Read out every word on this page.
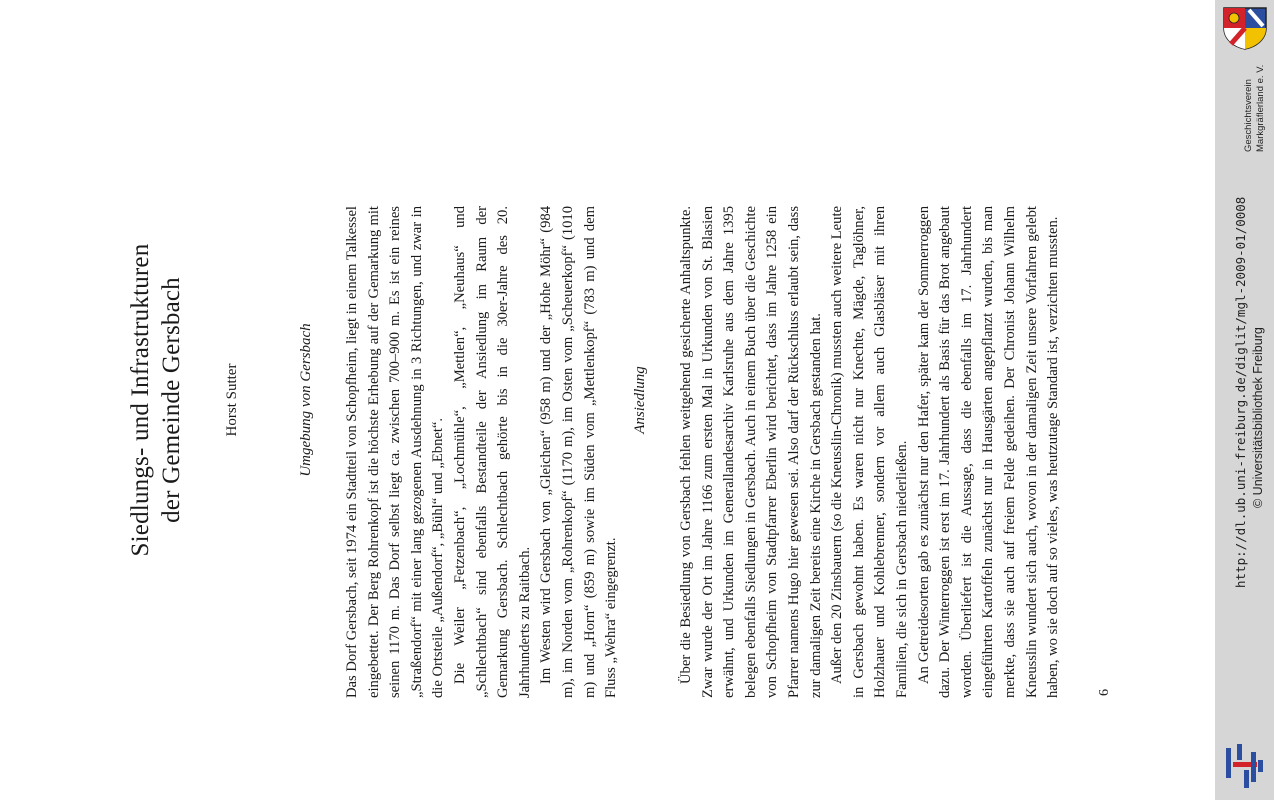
Siedlungs- und Infrastrukturen der Gemeinde Gersbach	Horst Sutter	Umgebung von Gersbach Das Dorf Gersbach, seit 1974 ein Stadtteil von Schopfheim, liegt in einem Talkessel eingebettet. Der Berg Rohrenkopf ist die höchste Erhebung auf der Gemarkung mit seinen 1170 m. Das Dorf selbst liegt ca. zwischen 700–900 m. Es ist ein reines „Straßendorf“ mit einer lang gezogenen Ausdehnung in 3 Richtungen, und zwar in die Ortsteile „Außendorf“, „Bühl“ und „Ebnet“. Die Weiler „Fetzenbach“, „Lochmühle“, „Mettlen“, „Neuhaus“ und „Schlechtbach“ sind ebenfalls Bestandteile der Ansiedlung im Raum der Gemarkung Gersbach. Schlechtbach gehörte bis in die 30er-Jahre des 20. Jahrhunderts zu Raitbach. Im Westen wird Gersbach von „Gleichen“ (958 m) und der „Hohe Möhr“ (984 m), im Norden vom „Rohrenkopf“ (1170 m), im Osten vom „Scheuerkopf“ (1010 m) und „Horn“ (859 m) sowie im Süden vom „Mettlenkopf“ (783 m) und dem Fluss „Wehra“ eingegrenzt.

Ansiedlung Über die Besiedlung von Gersbach fehlen weitgehend gesicherte Anhaltspunkte. Zwar wurde der Ort im Jahre 1166 zum ersten Mal in Urkunden von St. Blasien erwähnt, und Urkunden im Generallandesarchiv Karlsruhe aus dem Jahre 1395 belegen ebenfalls Siedlungen in Gersbach. Auch in einem Buch über die Geschichte von Schopfheim von Stadtpfarrer Eberlin wird berichtet, dass im Jahre 1258 ein Pfarrer namens Hugo hier gewesen sei. Also darf der Rückschluss erlaubt sein, dass zur damaligen Zeit bereits eine Kirche in Gersbach gestanden hat. Außer den 20 Zinsbauern (so die Kneusslin-Chronik) mussten auch weitere Leute in Gersbach gewohnt haben. Es waren nicht nur Knechte, Mägde, Taglöhner, Holzhauer und Kohlebrenner, sondern vor allem auch Glasbläser mit ihren Familien, die sich in Gersbach niederließen. An Getreidesorten gab es zunächst nur den Hafer, später kam der Sommerroggen dazu. Der Winterroggen ist erst im 17. Jahrhundert als Basis für das Brot angebaut worden. Überliefert ist die Aussage, dass die ebenfalls im 17. Jahrhundert eingeführten Kartoffeln zunächst nur in Hausgärten angepflanzt wurden, bis man merkte, dass sie auch auf freiem Felde gedeihen. Der Chronist Johann Wilhelm Kneusslin wundert sich auch, wovon in der damaligen Zeit unsere Vorfahren gelebt haben, wo sie doch auf so vieles, was heutzutage Standard ist, verzichten mussten.	6
Geschichtsverein Markgräflerland e. V.
http://dl.ub.uni-freiburg.de/diglit/mgl-2009-01/0008 © Universitätsbibliothek Freiburg
